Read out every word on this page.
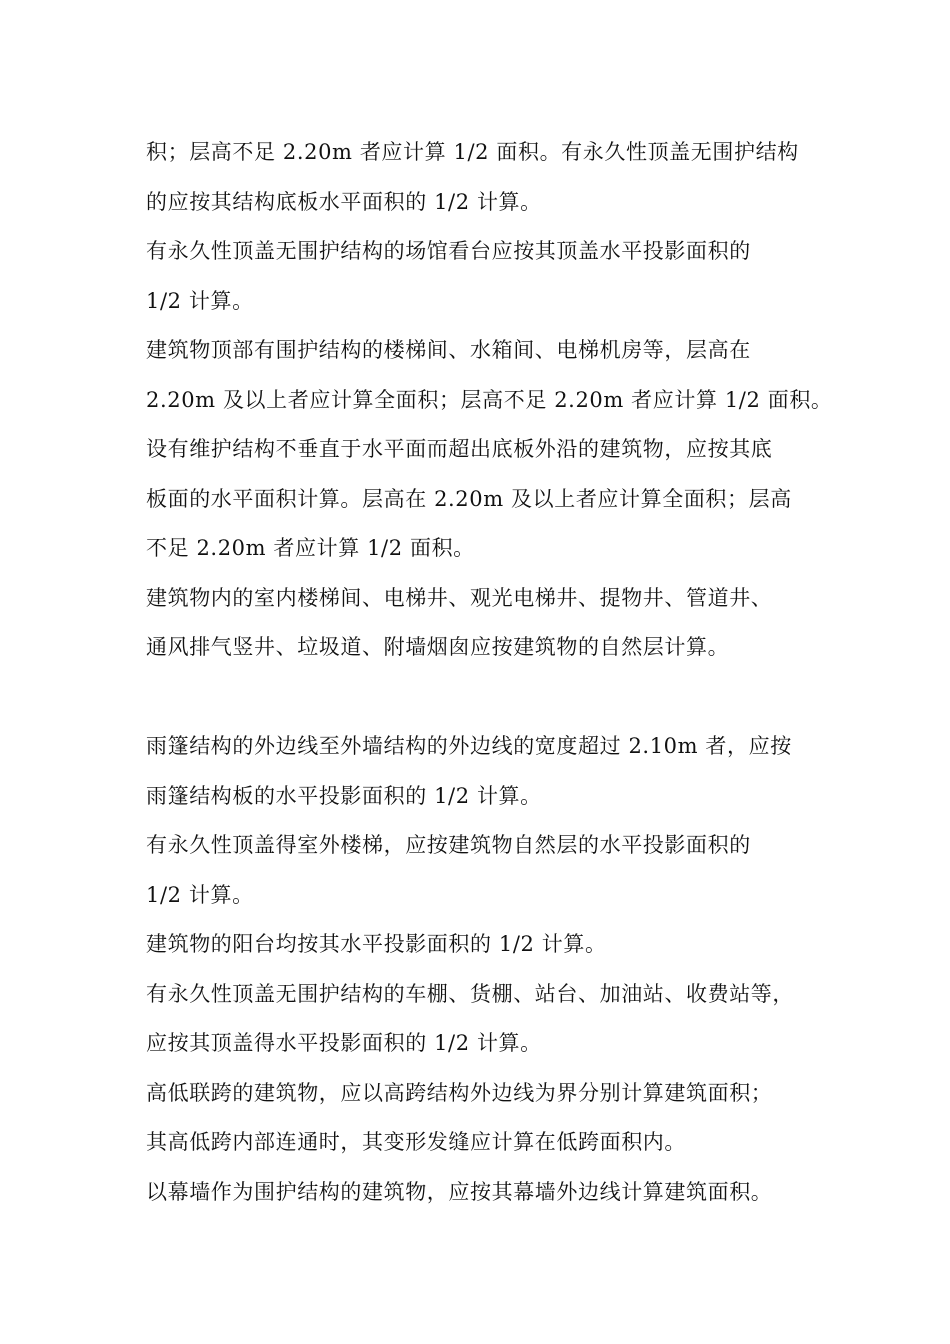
积；层高不足 2.20m 者应计算 1/2 面积。有永久性顶盖无围护结构
的应按其结构底板水平面积的 1/2 计算。
有永久性顶盖无围护结构的场馆看台应按其顶盖水平投影面积的
1/2 计算。
建筑物顶部有围护结构的楼梯间、水箱间、电梯机房等，层高在
2.20m 及以上者应计算全面积；层高不足 2.20m 者应计算 1/2 面积。
设有维护结构不垂直于水平面而超出底板外沿的建筑物，应按其底
板面的水平面积计算。层高在 2.20m 及以上者应计算全面积；层高
不足 2.20m 者应计算 1/2 面积。
建筑物内的室内楼梯间、电梯井、观光电梯井、提物井、管道井、
通风排气竖井、垃圾道、附墙烟囱应按建筑物的自然层计算。
雨篷结构的外边线至外墙结构的外边线的宽度超过 2.10m 者，应按
雨篷结构板的水平投影面积的 1/2 计算。
有永久性顶盖得室外楼梯，应按建筑物自然层的水平投影面积的
1/2 计算。
建筑物的阳台均按其水平投影面积的 1/2 计算。
有永久性顶盖无围护结构的车棚、货棚、站台、加油站、收费站等，
应按其顶盖得水平投影面积的 1/2 计算。
高低联跨的建筑物，应以高跨结构外边线为界分别计算建筑面积；
其高低跨内部连通时，其变形发缝应计算在低跨面积内。
以幕墙作为围护结构的建筑物，应按其幕墙外边线计算建筑面积。
